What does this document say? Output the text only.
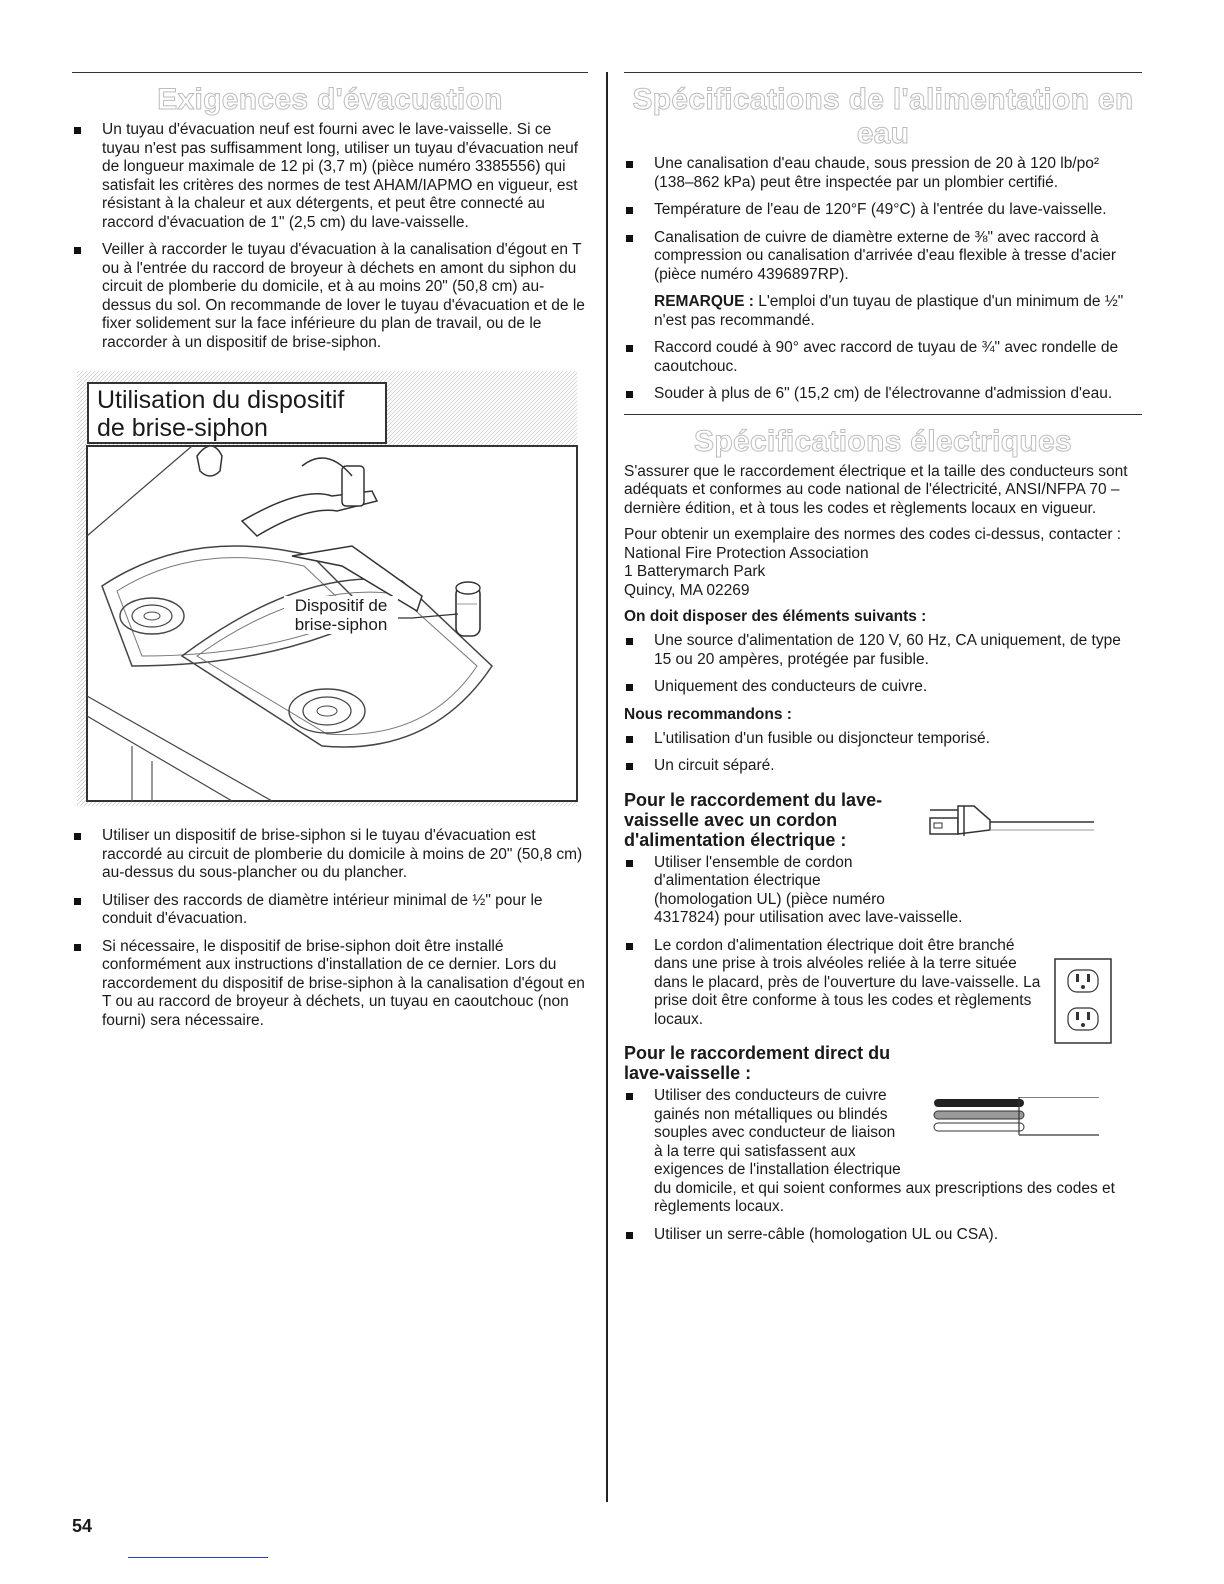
Exigences d'évacuation
Un tuyau d'évacuation neuf est fourni avec le lave-vaisselle. Si ce tuyau n'est pas suffisamment long, utiliser un tuyau d'évacuation neuf de longueur maximale de 12 pi (3,7 m) (pièce numéro 3385556) qui satisfait les critères des normes de test AHAM/IAPMO en vigueur, est résistant à la chaleur et aux détergents, et peut être connecté au raccord d'évacuation de 1" (2,5 cm) du lave-vaisselle.
Veiller à raccorder le tuyau d'évacuation à la canalisation d'égout en T ou à l'entrée du raccord de broyeur à déchets en amont du siphon du circuit de plomberie du domicile, et à au moins 20" (50,8 cm) au-dessus du sol. On recommande de lover le tuyau d'évacuation et de le fixer solidement sur la face inférieure du plan de travail, ou de le raccorder à un dispositif de brise-siphon.
Utilisation du dispositif de brise-siphon
Dispositif de brise-siphon
Utiliser un dispositif de brise-siphon si le tuyau d'évacuation est raccordé au circuit de plomberie du domicile à moins de 20" (50,8 cm) au-dessus du sous-plancher ou du plancher.
Utiliser des raccords de diamètre intérieur minimal de ½" pour le conduit d'évacuation.
Si nécessaire, le dispositif de brise-siphon doit être installé conformément aux instructions d'installation de ce dernier. Lors du raccordement du dispositif de brise-siphon à la canalisation d'égout en T ou au raccord de broyeur à déchets, un tuyau en caoutchouc (non fourni) sera nécessaire.
Spécifications de l'alimentation en eau
Une canalisation d'eau chaude, sous pression de 20 à 120 lb/po² (138–862 kPa) peut être inspectée par un plombier certifié.
Température de l'eau de 120°F (49°C) à l'entrée du lave-vaisselle.
Canalisation de cuivre de diamètre externe de ⅜" avec raccord à compression ou canalisation d'arrivée d'eau flexible à tresse d'acier (pièce numéro 4396897RP).

REMARQUE : L'emploi d'un tuyau de plastique d'un minimum de ½" n'est pas recommandé.

Raccord coudé à 90° avec raccord de tuyau de ¾" avec rondelle de caoutchouc.
Souder à plus de 6" (15,2 cm) de l'électrovanne d'admission d'eau.
Spécifications électriques

S'assurer que le raccordement électrique et la taille des conducteurs sont adéquats et conformes au code national de l'électricité, ANSI/NFPA 70 – dernière édition, et à tous les codes et règlements locaux en vigueur.

Pour obtenir un exemplaire des normes des codes ci-dessus, contacter :

National Fire Protection Association
1 Batterymarch Park
Quincy, MA 02269
On doit disposer des éléments suivants :
Une source d'alimentation de 120 V, 60 Hz, CA uniquement, de type 15 ou 20 ampères, protégée par fusible.
Uniquement des conducteurs de cuivre.
Nous recommandons :
L'utilisation d'un fusible ou disjoncteur temporisé.
Un circuit séparé.
Pour le raccordement du lave-vaisselle avec un cordon d'alimentation électrique :
Utiliser l'ensemble de cordon d'alimentation électrique (homologation UL) (pièce numéro 4317824) pour utilisation avec lave-vaisselle.
Le cordon d'alimentation électrique doit être branché dans une prise à trois alvéoles reliée à la terre située dans le placard, près de l'ouverture du lave-vaisselle. La prise doit être conforme à tous les codes et règlements locaux.
Pour le raccordement direct du lave-vaisselle :
Utiliser des conducteurs de cuivre gainés non métalliques ou blindés souples avec conducteur de liaison à la terre qui satisfassent aux exigences de l'installation électrique du domicile, et qui soient conformes aux prescriptions des codes et règlements locaux.
Utiliser un serre-câble (homologation UL ou CSA).
54
